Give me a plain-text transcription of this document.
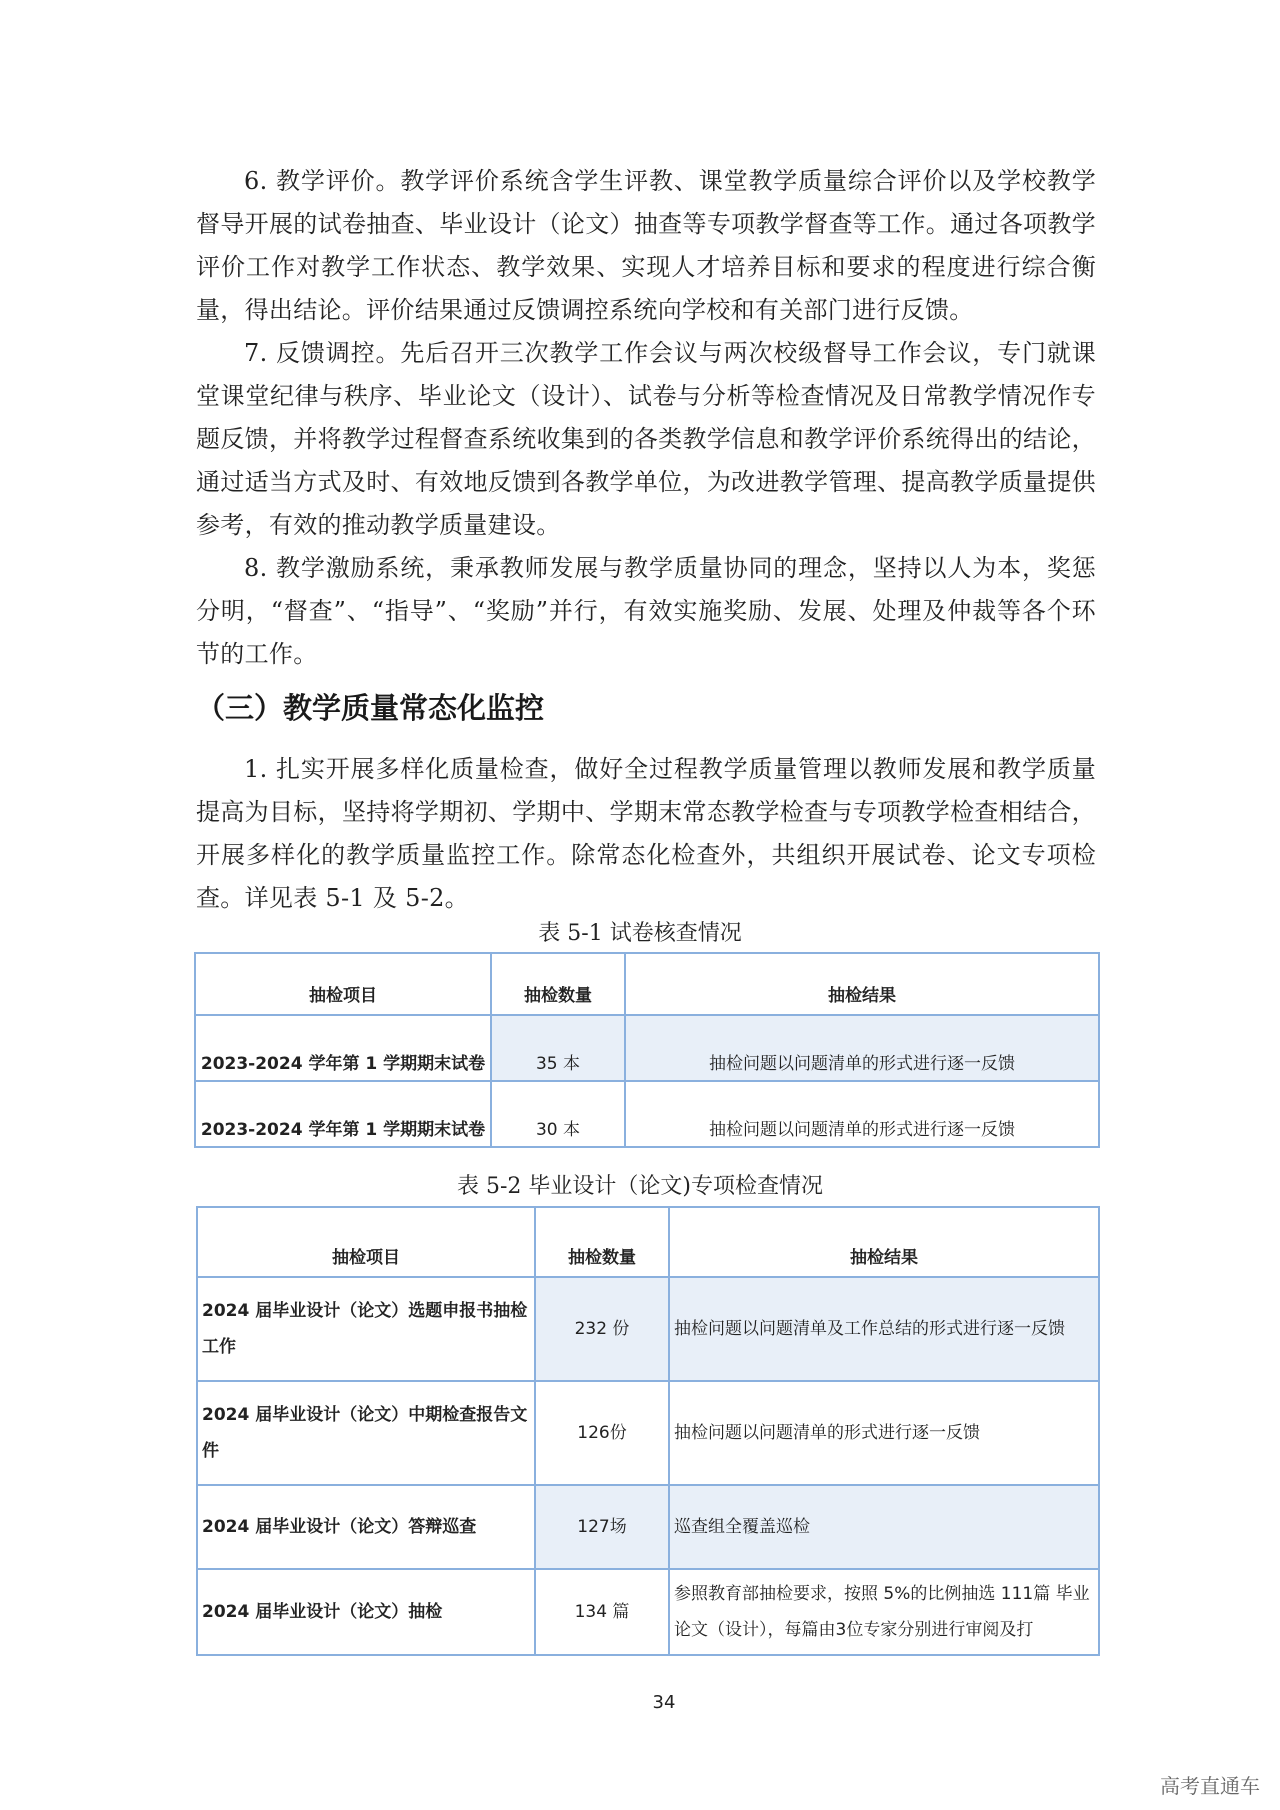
6. 教学评价。教学评价系统含学生评教、课堂教学质量综合评价以及学校教学督导开展的试卷抽查、毕业设计（论文）抽查等专项教学督查等工作。通过各项教学评价工作对教学工作状态、教学效果、实现人才培养目标和要求的程度进行综合衡量，得出结论。评价结果通过反馈调控系统向学校和有关部门进行反馈。

7. 反馈调控。先后召开三次教学工作会议与两次校级督导工作会议，专门就课堂课堂纪律与秩序、毕业论文（设计）、试卷与分析等检查情况及日常教学情况作专题反馈，并将教学过程督查系统收集到的各类教学信息和教学评价系统得出的结论，通过适当方式及时、有效地反馈到各教学单位，为改进教学管理、提高教学质量提供参考，有效的推动教学质量建设。

8. 教学激励系统，秉承教师发展与教学质量协同的理念，坚持以人为本，奖惩分明，“督查”、“指导”、“奖励”并行，有效实施奖励、发展、处理及仲裁等各个环节的工作。

（三）教学质量常态化监控

1. 扎实开展多样化质量检查，做好全过程教学质量管理以教师发展和教学质量提高为目标，坚持将学期初、学期中、学期末常态教学检查与专项教学检查相结合，开展多样化的教学质量监控工作。除常态化检查外，共组织开展试卷、论文专项检查。详见表 5-1 及 5-2。

表 5-1 试卷核查情况

抽检项目	抽检数量	抽检结果
2023-2024 学年第 1 学期期末试卷	35 本	抽检问题以问题清单的形式进行逐一反馈
2023-2024 学年第 1 学期期末试卷	30 本	抽检问题以问题清单的形式进行逐一反馈

表 5-2 毕业设计（论文)专项检查情况

抽检项目	抽检数量	抽检结果
2024 届毕业设计（论文）选题申报书抽检工作	232 份	抽检问题以问题清单及工作总结的形式进行逐一反馈
2024 届毕业设计（论文）中期检查报告文件	126份	抽检问题以问题清单的形式进行逐一反馈
2024 届毕业设计（论文）答辩巡查	127场	巡查组全覆盖巡检
2024 届毕业设计（论文）抽检	134 篇	参照教育部抽检要求，按照 5%的比例抽选 111篇 毕业论文（设计），每篇由3位专家分别进行审阅及打

34

高考直通车
